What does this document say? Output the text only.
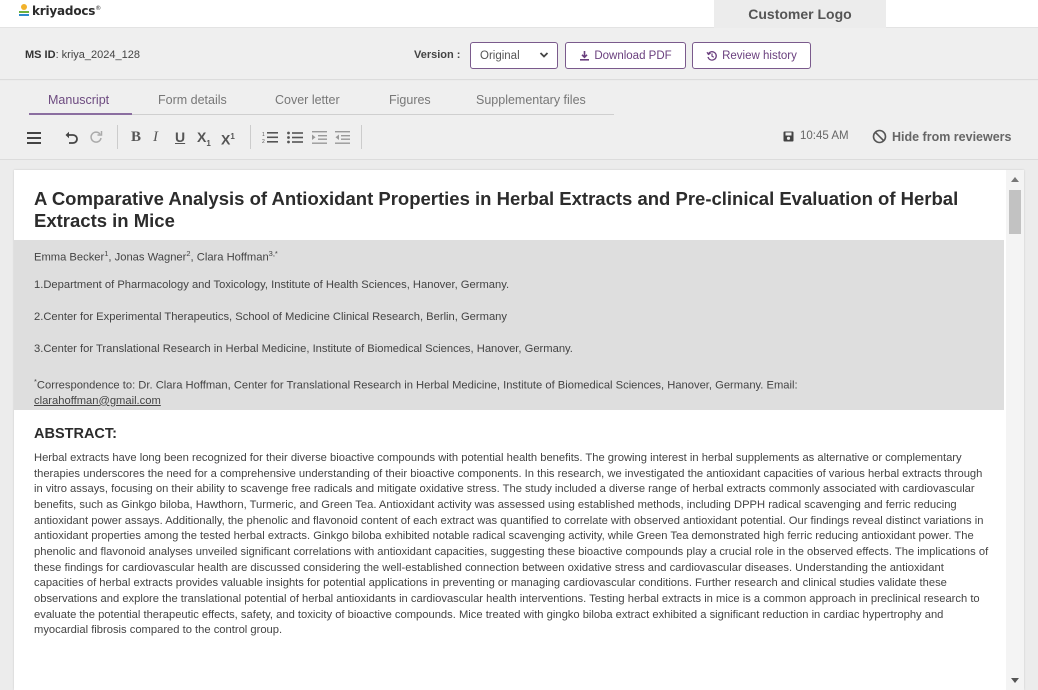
kriyadocs®	Customer Logo
MS ID: kriya_2024_128	Version : Original	Download PDF	Review history
Manuscript	Form details	Cover letter	Figures	Supplementary files
B I U $X_1$ $X^1$	1
2	10:45 AM	Hide from reviewers
A Comparative Analysis of Antioxidant Properties in Herbal Extracts and Pre-clinical Evaluation of Herbal Extracts in Mice
Emma Becker$^1$, Jonas Wagner$^2$, Clara Hoffman$^{3,*}$
1.Department of Pharmacology and Toxicology, Institute of Health Sciences, Hanover, Germany.
2.Center for Experimental Therapeutics, School of Medicine Clinical Research, Berlin, Germany
3.Center for Translational Research in Herbal Medicine, Institute of Biomedical Sciences, Hanover, Germany.
*Correspondence to: Dr. Clara Hoffman, Center for Translational Research in Herbal Medicine, Institute of Biomedical Sciences, Hanover, Germany. Email:
clarahoffman@gmail.com
ABSTRACT:
Herbal extracts have long been recognized for their diverse bioactive compounds with potential health benefits. The growing interest in herbal supplements as alternative or complementary therapies underscores the need for a comprehensive understanding of their bioactive components. In this research, we investigated the antioxidant capacities of various herbal extracts through in vitro assays, focusing on their ability to scavenge free radicals and mitigate oxidative stress. The study included a diverse range of herbal extracts commonly associated with cardiovascular benefits, such as Ginkgo biloba, Hawthorn, Turmeric, and Green Tea. Antioxidant activity was assessed using established methods, including DPPH radical scavenging and ferric reducing antioxidant power assays. Additionally, the phenolic and flavonoid content of each extract was quantified to correlate with observed antioxidant potential. Our findings reveal distinct variations in antioxidant properties among the tested herbal extracts. Ginkgo biloba exhibited notable radical scavenging activity, while Green Tea demonstrated high ferric reducing antioxidant power. The phenolic and flavonoid analyses unveiled significant correlations with antioxidant capacities, suggesting these bioactive compounds play a crucial role in the observed effects. The implications of these findings for cardiovascular health are discussed considering the well-established connection between oxidative stress and cardiovascular diseases. Understanding the antioxidant capacities of herbal extracts provides valuable insights for potential applications in preventing or managing cardiovascular conditions. Further research and clinical studies validate these observations and explore the translational potential of herbal antioxidants in cardiovascular health interventions. Testing herbal extracts in mice is a common approach in preclinical research to evaluate the potential therapeutic effects, safety, and toxicity of bioactive compounds. Mice treated with gingko biloba extract exhibited a significant reduction in cardiac hypertrophy and myocardial fibrosis compared to the control group.
